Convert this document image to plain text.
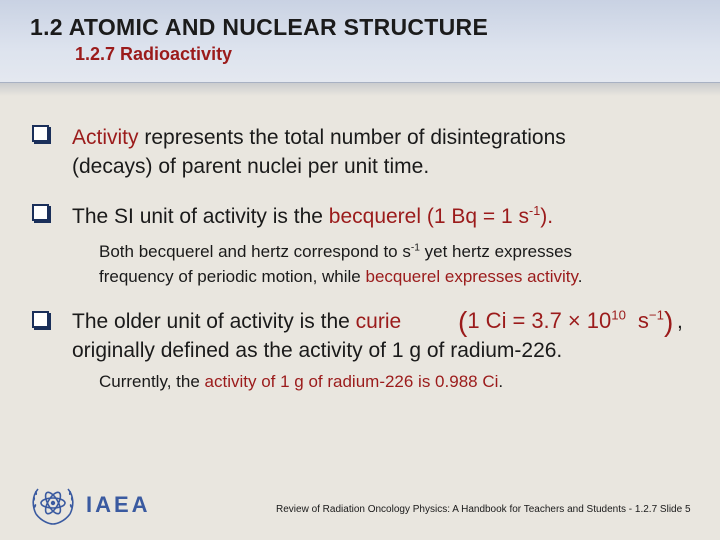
1.2 ATOMIC AND NUCLEAR STRUCTURE
1.2.7 Radioactivity
Activity represents the total number of disintegrations
(decays) of parent nuclei per unit time.
The SI unit of activity is the becquerel (1 Bq = 1 $s^{-1}$).
Both becquerel and hertz correspond to $s^{-1}$ yet hertz expresses
frequency of periodic motion, while becquerel expresses activity.
The older unit of activity is the curie (1 $Ci = 3.7 \times 10^{10}$ $s^{-1}$) ,
originally defined as the activity of 1 g of radium-226.
Currently, the activity of 1 g of radium-226 is 0.988 Ci.
IAEA	Review of Radiation Oncology Physics: A Handbook for Teachers and Students - 1.2.7 Slide 5
